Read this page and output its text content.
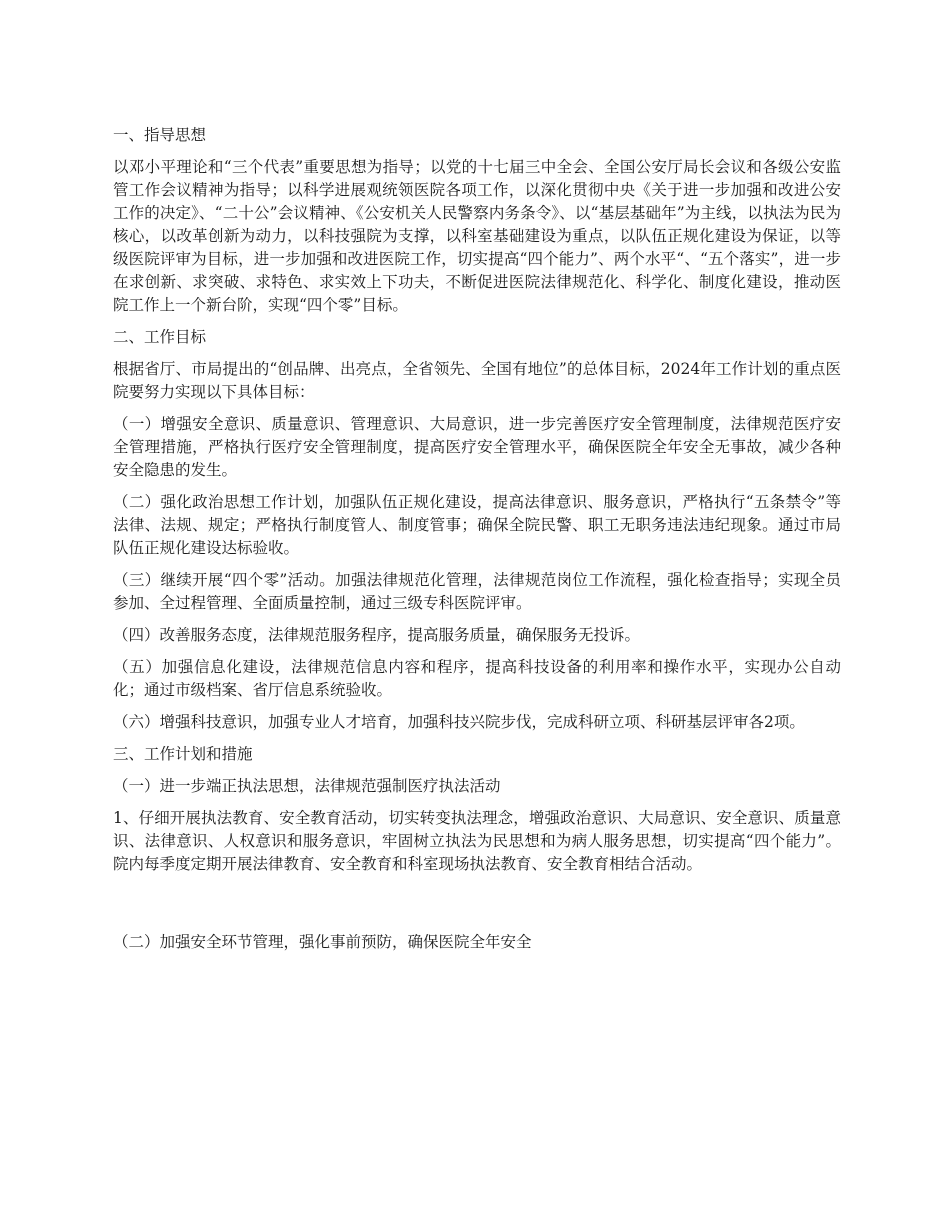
一、指导思想
以邓小平理论和“三个代表”重要思想为指导；以党的十七届三中全会、全国公安厅局长会议和各级公安监管工作会议精神为指导；以科学进展观统领医院各项工作，以深化贯彻中央《关于进一步加强和改进公安工作的决定》、“二十公”会议精神、《公安机关人民警察内务条令》、以“基层基础年”为主线，以执法为民为核心，以改革创新为动力，以科技强院为支撑，以科室基础建设为重点，以队伍正规化建设为保证，以等级医院评审为目标，进一步加强和改进医院工作，切实提高“四个能力”、两个水平“、“五个落实”，进一步在求创新、求突破、求特色、求实效上下功夫，不断促进医院法律规范化、科学化、制度化建设，推动医院工作上一个新台阶，实现“四个零”目标。
二、工作目标
根据省厅、市局提出的“创品牌、出亮点，全省领先、全国有地位”的总体目标，2024年工作计划的重点医院要努力实现以下具体目标：
（一）增强安全意识、质量意识、管理意识、大局意识，进一步完善医疗安全管理制度，法律规范医疗安全管理措施，严格执行医疗安全管理制度，提高医疗安全管理水平，确保医院全年安全无事故，减少各种安全隐患的发生。
（二）强化政治思想工作计划，加强队伍正规化建设，提高法律意识、服务意识，严格执行“五条禁令”等法律、法规、规定；严格执行制度管人、制度管事；确保全院民警、职工无职务违法违纪现象。通过市局队伍正规化建设达标验收。
（三）继续开展“四个零”活动。加强法律规范化管理，法律规范岗位工作流程，强化检查指导；实现全员参加、全过程管理、全面质量控制，通过三级专科医院评审。
（四）改善服务态度，法律规范服务程序，提高服务质量，确保服务无投诉。
（五）加强信息化建设，法律规范信息内容和程序，提高科技设备的利用率和操作水平，实现办公自动化；通过市级档案、省厅信息系统验收。
（六）增强科技意识，加强专业人才培育，加强科技兴院步伐，完成科研立项、科研基层评审各2项。
三、工作计划和措施
（一）进一步端正执法思想，法律规范强制医疗执法活动
1、仔细开展执法教育、安全教育活动，切实转变执法理念，增强政治意识、大局意识、安全意识、质量意识、法律意识、人权意识和服务意识，牢固树立执法为民思想和为病人服务思想，切实提高“四个能力”。院内每季度定期开展法律教育、安全教育和科室现场执法教育、安全教育相结合活动。
（二）加强安全环节管理，强化事前预防，确保医院全年安全
